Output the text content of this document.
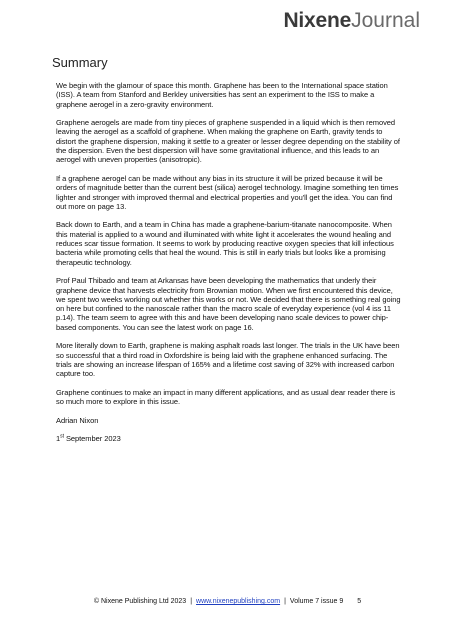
NixeneJournal
Summary

We begin with the glamour of space this month. Graphene has been to the International space station (ISS). A team from Stanford and Berkley universities has sent an experiment to the ISS to make a graphene aerogel in a zero-gravity environment.

Graphene aerogels are made from tiny pieces of graphene suspended in a liquid which is then removed leaving the aerogel as a scaffold of graphene. When making the graphene on Earth, gravity tends to distort the graphene dispersion, making it settle to a greater or lesser degree depending on the stability of the dispersion. Even the best dispersion will have some gravitational influence, and this leads to an aerogel with uneven properties (anisotropic).

If a graphene aerogel can be made without any bias in its structure it will be prized because it will be orders of magnitude better than the current best (silica) aerogel technology. Imagine something ten times lighter and stronger with improved thermal and electrical properties and you'll get the idea. You can find out more on page 13.

Back down to Earth, and a team in China has made a graphene-barium-titanate nanocomposite. When this material is applied to a wound and illuminated with white light it accelerates the wound healing and reduces scar tissue formation. It seems to work by producing reactive oxygen species that kill infectious bacteria while promoting cells that heal the wound. This is still in early trials but looks like a promising therapeutic technology.

Prof Paul Thibado and team at Arkansas have been developing the mathematics that underly their graphene device that harvests electricity from Brownian motion. When we first encountered this device, we spent two weeks working out whether this works or not. We decided that there is something real going on here but confined to the nanoscale rather than the macro scale of everyday experience (vol 4 iss 11 p.14). The team seem to agree with this and have been developing nano scale devices to power chip-based components. You can see the latest work on page 16.

More literally down to Earth, graphene is making asphalt roads last longer. The trials in the UK have been so successful that a third road in Oxfordshire is being laid with the graphene enhanced surfacing. The trials are showing an increase lifespan of 165% and a lifetime cost saving of 32% with increased carbon capture too.

Graphene continues to make an impact in many different applications, and as usual dear reader there is so much more to explore in this issue.

Adrian Nixon
1st September 2023
© Nixene Publishing Ltd 2023 | www.nixenepublishing.com | Volume 7 issue 9 5
